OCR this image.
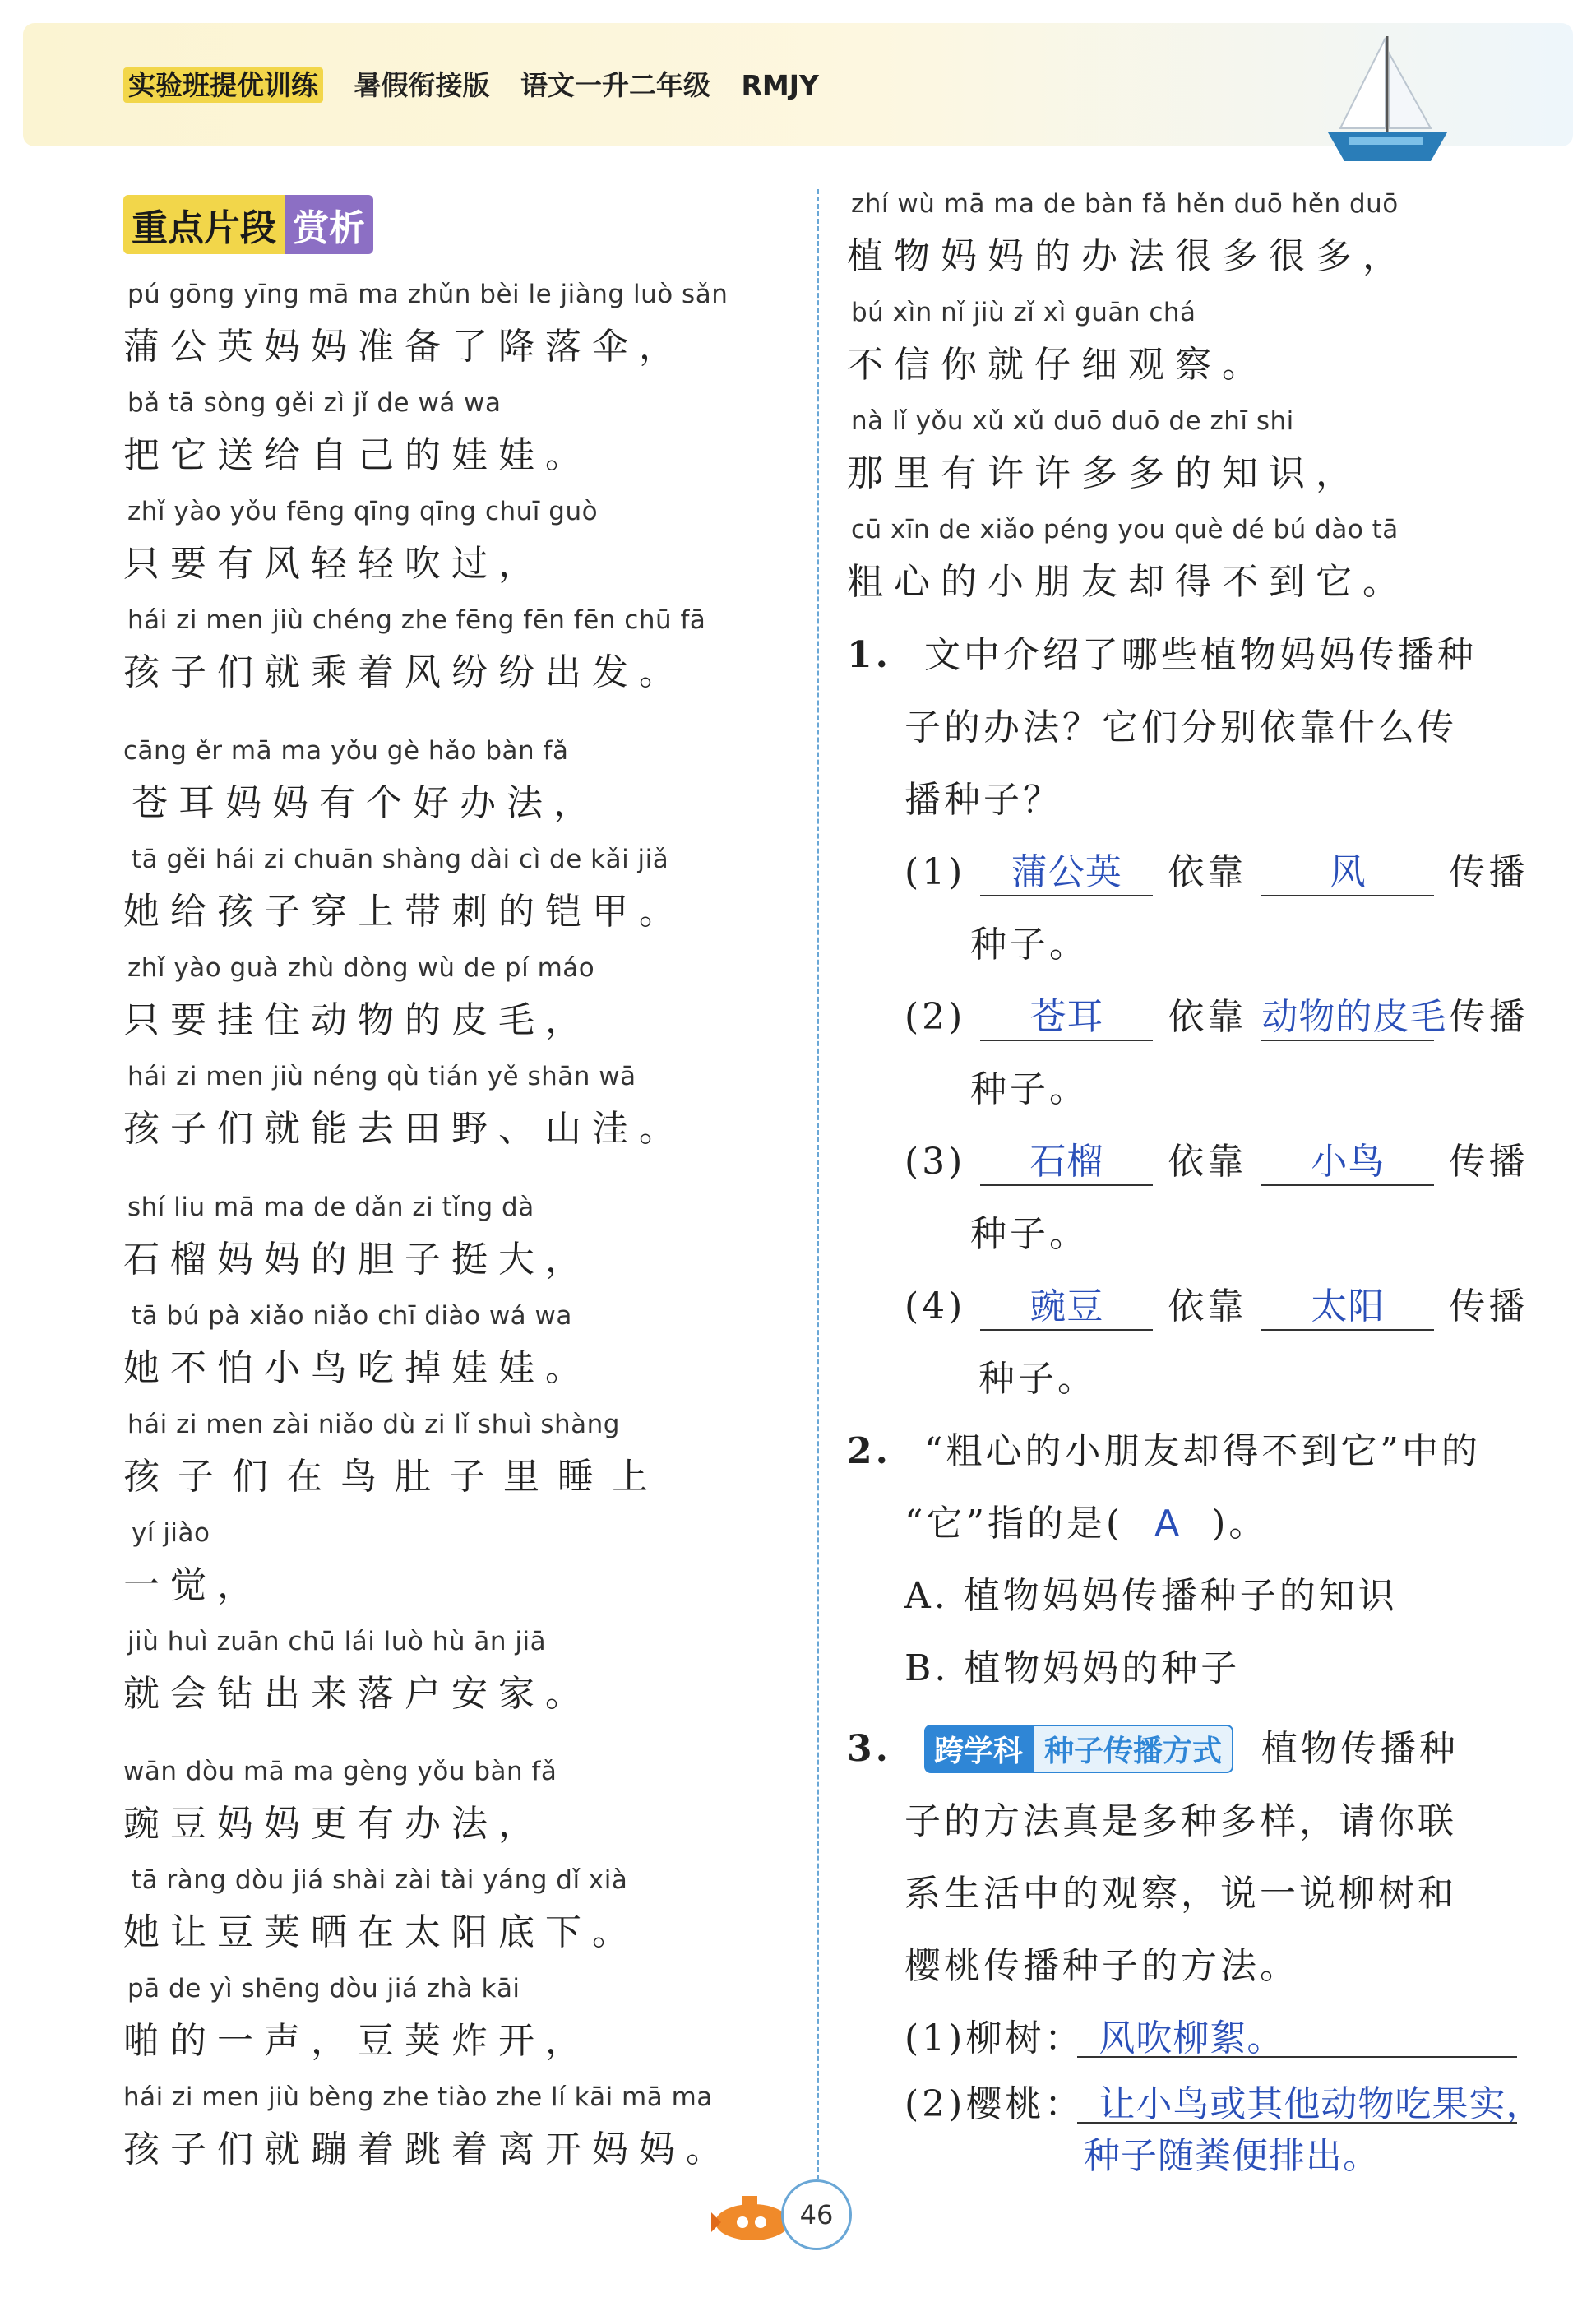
实验班提优训练 暑假衔接版 语文一升二年级 RMJY
重点片段 赏析
pú gōng yīng mā ma zhǔn bèi le jiàng luò sǎn
蒲公英妈妈准备了降落伞，
bǎ tā sòng gěi zì jǐ de wá wa
把它送给自己的娃娃。
zhǐ yào yǒu fēng qīng qīng chuī guò
只要有风轻轻吹过，
hái zi men jiù chéng zhe fēng fēn fēn chū fā
孩子们就乘着风纷纷出发。
cāng ěr mā ma yǒu gè hǎo bàn fǎ
苍耳妈妈有个好办法，
tā gěi hái zi chuān shàng dài cì de kǎi jiǎ
她给孩子穿上带刺的铠甲。
zhǐ yào guà zhù dòng wù de pí máo
只要挂住动物的皮毛，
hái zi men jiù néng qù tián yě shān wā
孩子们就能去田野、山洼。
shí liu mā ma de dǎn zi tǐng dà
石榴妈妈的胆子挺大，
tā bú pà xiǎo niǎo chī diào wá wa
她不怕小鸟吃掉娃娃。
hái zi men zài niǎo dù zi lǐ shuì shàng
孩子们在鸟肚子里睡上
yí jiào
一觉，
jiù huì zuān chū lái luò hù ān jiā
就会钻出来落户安家。
wān dòu mā ma gèng yǒu bàn fǎ
豌豆妈妈更有办法，
tā ràng dòu jiá shài zài tài yáng dǐ xià
她让豆荚晒在太阳底下。
pā de yì shēng dòu jiá zhà kāi
啪的一声，豆荚炸开，
hái zi men jiù bèng zhe tiào zhe lí kāi mā ma
孩子们就蹦着跳着离开妈妈。
zhí wù mā ma de bàn fǎ hěn duō hěn duō
植物妈妈的办法很多很多，
bú xìn nǐ jiù zǐ xì guān chá
不信你就仔细观察。
nà lǐ yǒu xǔ xǔ duō duō de zhī shi
那里有许许多多的知识，
cū xīn de xiǎo péng you què dé bú dào tā
粗心的小朋友却得不到它。
1. 文中介绍了哪些植物妈妈传播种
子的办法？它们分别依靠什么传
播种子？
(1) 蒲公英 依靠 风 传播
种子。
(2) 苍耳 依靠 动物的皮毛 传播
种子。
(3) 石榴 依靠 小鸟 传播
种子。
(4) 豌豆 依靠 太阳 传播
种子。
2. “粗心的小朋友却得不到它”中的
“它”指的是( A )。
A. 植物妈妈传播种子的知识
B. 植物妈妈的种子
3. 跨学科 种子传播方式 植物传播种
子的方法真是多种多样，请你联
系生活中的观察，说一说柳树和
樱桃传播种子的方法。
(1)柳树： 风吹柳絮。
(2)樱桃： 让小鸟或其他动物吃果实，
种子随粪便排出。
46
